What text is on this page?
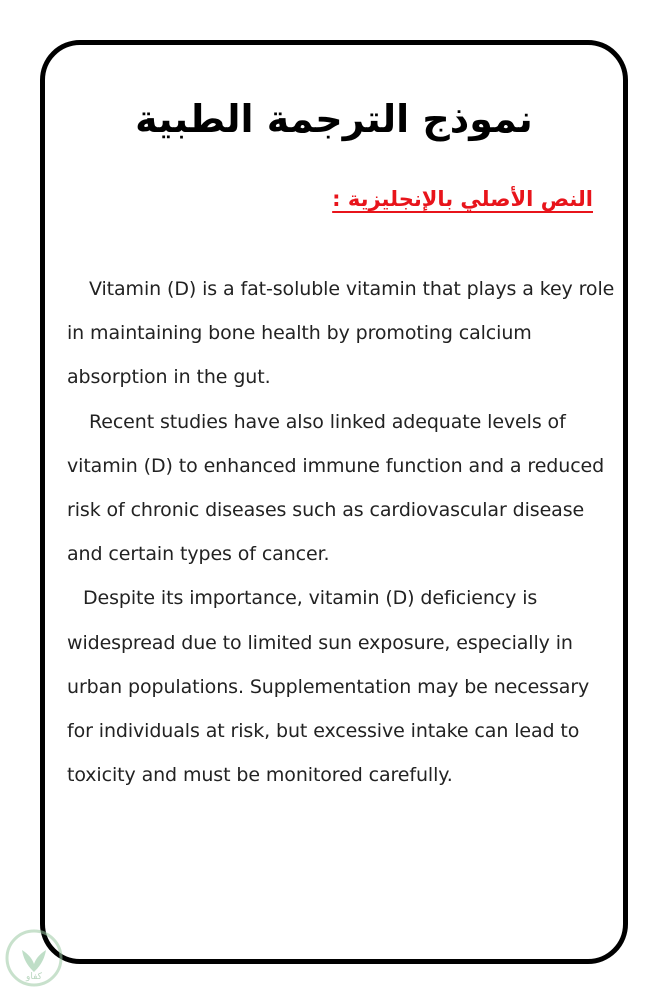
نموذج الترجمة الطبية
النص الأصلي بالإنجليزية :

Vitamin (D) is a fat-soluble vitamin that plays a key role in maintaining bone health by promoting calcium absorption in the gut.

Recent studies have also linked adequate levels of vitamin (D) to enhanced immune function and a reduced risk of chronic diseases such as cardiovascular disease and certain types of cancer.

Despite its importance, vitamin (D) deficiency is widespread due to limited sun exposure, especially in urban populations. Supplementation may be necessary for individuals at risk, but excessive intake can lead to toxicity and must be monitored carefully.

كفاو
